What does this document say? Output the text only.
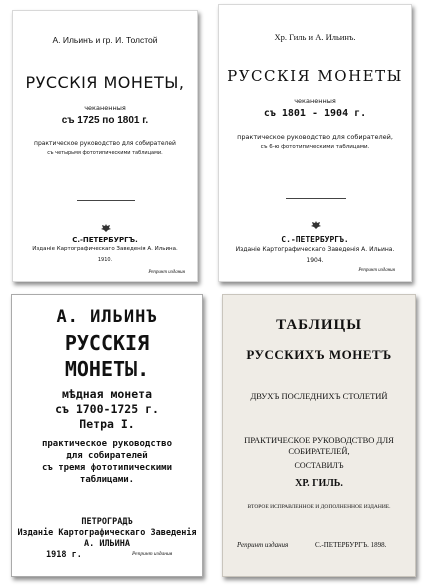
А. Ильинъ и гр. И. Толстой
РУССКІЯ МОНЕТЫ,
чеканенныя
съ 1725 по 1801 г.
практическое руководство для собирателей
съ четырьмя фототипическими таблицами.
С.-ПЕТЕРБУРГЪ.
Изданіе Картографическаго Заведенія А. Ильина.
1910.
Репринт издания
Хр. Гиль и А. Ильинъ.
РУССКІЯ МОНЕТЫ
чеканенныя
съ 1801 - 1904 г.
практическое руководство для собирателей,
съ 6-ю фототипическими таблицами.
С.-ПЕТЕРБУРГЪ.
Изданіе Картографическаго Заведенія А. Ильина.
1904.
Репринт издания
А. ИЛЬИНЪ
РУССКІЯ
МОНЕТЫ.
мѣдная монета
съ 1700-1725 г.
Петра I.
практическое руководство
для собирателей
съ тремя фототипическими
таблицами.
ПЕТРОГРАДЪ
Изданіе Картографическаго Заведенія
А. ИЛЬИНА
1918 г.	Репринт издания
ТАБЛИЦЫ
РУССКИХЪ МОНЕТЪ
ДВУХЪ ПОСЛЕДНИХЪ СТОЛЕТИЙ
ПРАКТИЧЕСКОЕ РУКОВОДСТВО ДЛЯ
СОБИРАТЕЛЕЙ,
СОСТАВИЛЪ
ХР. ГИЛЬ.
ВТОРОЕ ИСПРАВЛЕННОЕ И ДОПОЛНЕННОЕ ИЗДАНИЕ.
Репринт издания	С.-ПЕТЕРБУРГЪ. 1898.
